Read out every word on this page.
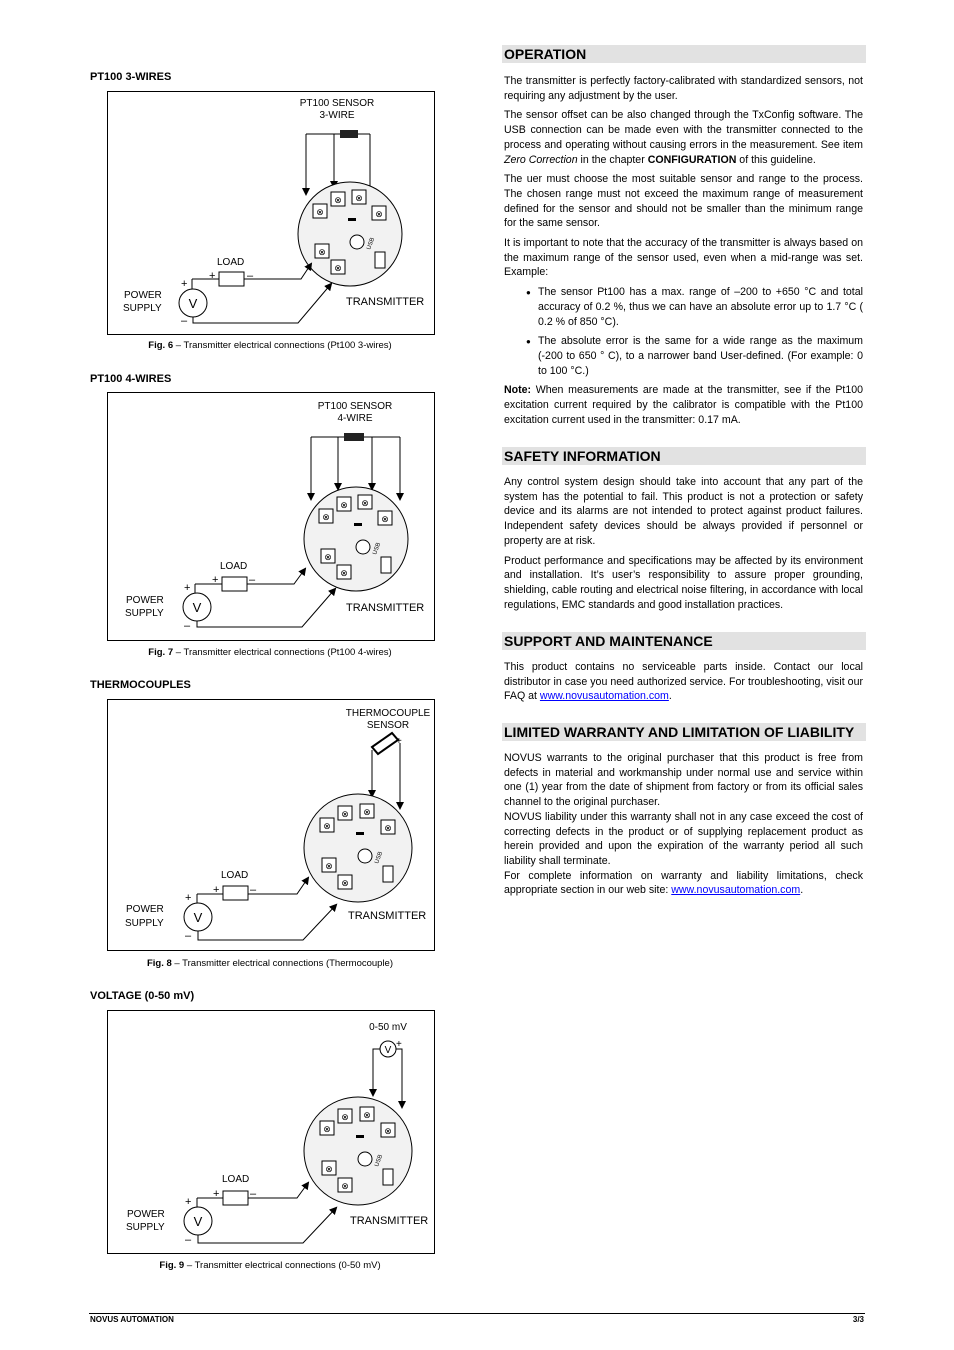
PT100 3-WIRES
PT100 SENSOR
3-WIRE
⊗
⊗ ⊗
⊗
⊗
⊗
USB
LOAD
+	–
POWER
SUPPLY V
+
–
TRANSMITTER
Fig. 6 – Transmitter electrical connections (Pt100 3-wires)
PT100 4-WIRES
PT100 SENSOR
4-WIRE
⊗
⊗ ⊗
⊗
⊗
⊗
USB
LOAD
+	–
POWER
SUPPLY V
+
–
TRANSMITTER
Fig. 7 – Transmitter electrical connections (Pt100 4-wires)
THERMOCOUPLES
THERMOCOUPLE
SENSOR
+
⊗
⊗ ⊗
⊗
⊗
⊗
USB
LOAD
+	–
POWER
SUPPLY V
+
–
TRANSMITTER
Fig. 8 – Transmitter electrical connections (Thermocouple)
VOLTAGE (0-50 mV)
0-50 mV
V
+
⊗
⊗ ⊗
⊗
⊗
⊗
USB
LOAD
+	–
POWER
SUPPLY V
+
–
TRANSMITTER
Fig. 9 – Transmitter electrical connections (0-50 mV)
OPERATION

The transmitter is perfectly factory-calibrated with standardized sensors, not requiring any adjustment by the user.

The sensor offset can be also changed through the TxConfig software. The USB connection can be made even with the transmitter connected to the process and operating without causing errors in the measurement. See item Zero Correction in the chapter CONFIGURATION of this guideline.

The uer must choose the most suitable sensor and range to the process. The chosen range must not exceed the maximum range of measurement defined for the sensor and should not be smaller than the minimum range for the same sensor.

It is important to note that the accuracy of the transmitter is always based on the maximum range of the sensor used, even when a mid-range was set. Example:

● The sensor Pt100 has a max. range of –200 to +650 °C and total accuracy of 0.2 %, thus we can have an absolute error up to 1.7 °C ( 0.2 % of 850 °C).
● The absolute error is the same for a wide range as the maximum (-200 to 650 ° C), to a narrower band User-defined. (For example: 0 to 100 °C.)

Note: When measurements are made at the transmitter, see if the Pt100 excitation current required by the calibrator is compatible with the Pt100 excitation current used in the transmitter: 0.17 mA.

SAFETY INFORMATION

Any control system design should take into account that any part of the system has the potential to fail. This product is not a protection or safety device and its alarms are not intended to protect against product failures. Independent safety devices should be always provided if personnel or property are at risk.

Product performance and specifications may be affected by its environment and installation. It’s user’s responsibility to assure proper grounding, shielding, cable routing and electrical noise filtering, in accordance with local regulations, EMC standards and good installation practices.

SUPPORT AND MAINTENANCE

This product contains no serviceable parts inside. Contact our local distributor in case you need authorized service. For troubleshooting, visit our FAQ at www.novusautomation.com.

LIMITED WARRANTY AND LIMITATION OF LIABILITY
NOVUS warrants to the original purchaser that this product is free from defects in material and workmanship under normal use and service within one (1) year from the date of shipment from factory or from its official sales channel to the original purchaser.
NOVUS liability under this warranty shall not in any case exceed the cost of correcting defects in the product or of supplying replacement product as herein provided and upon the expiration of the warranty period all such liability shall terminate.
For complete information on warranty and liability limitations, check appropriate section in our web site: www.novusautomation.com.
NOVUS AUTOMATION	3/3
